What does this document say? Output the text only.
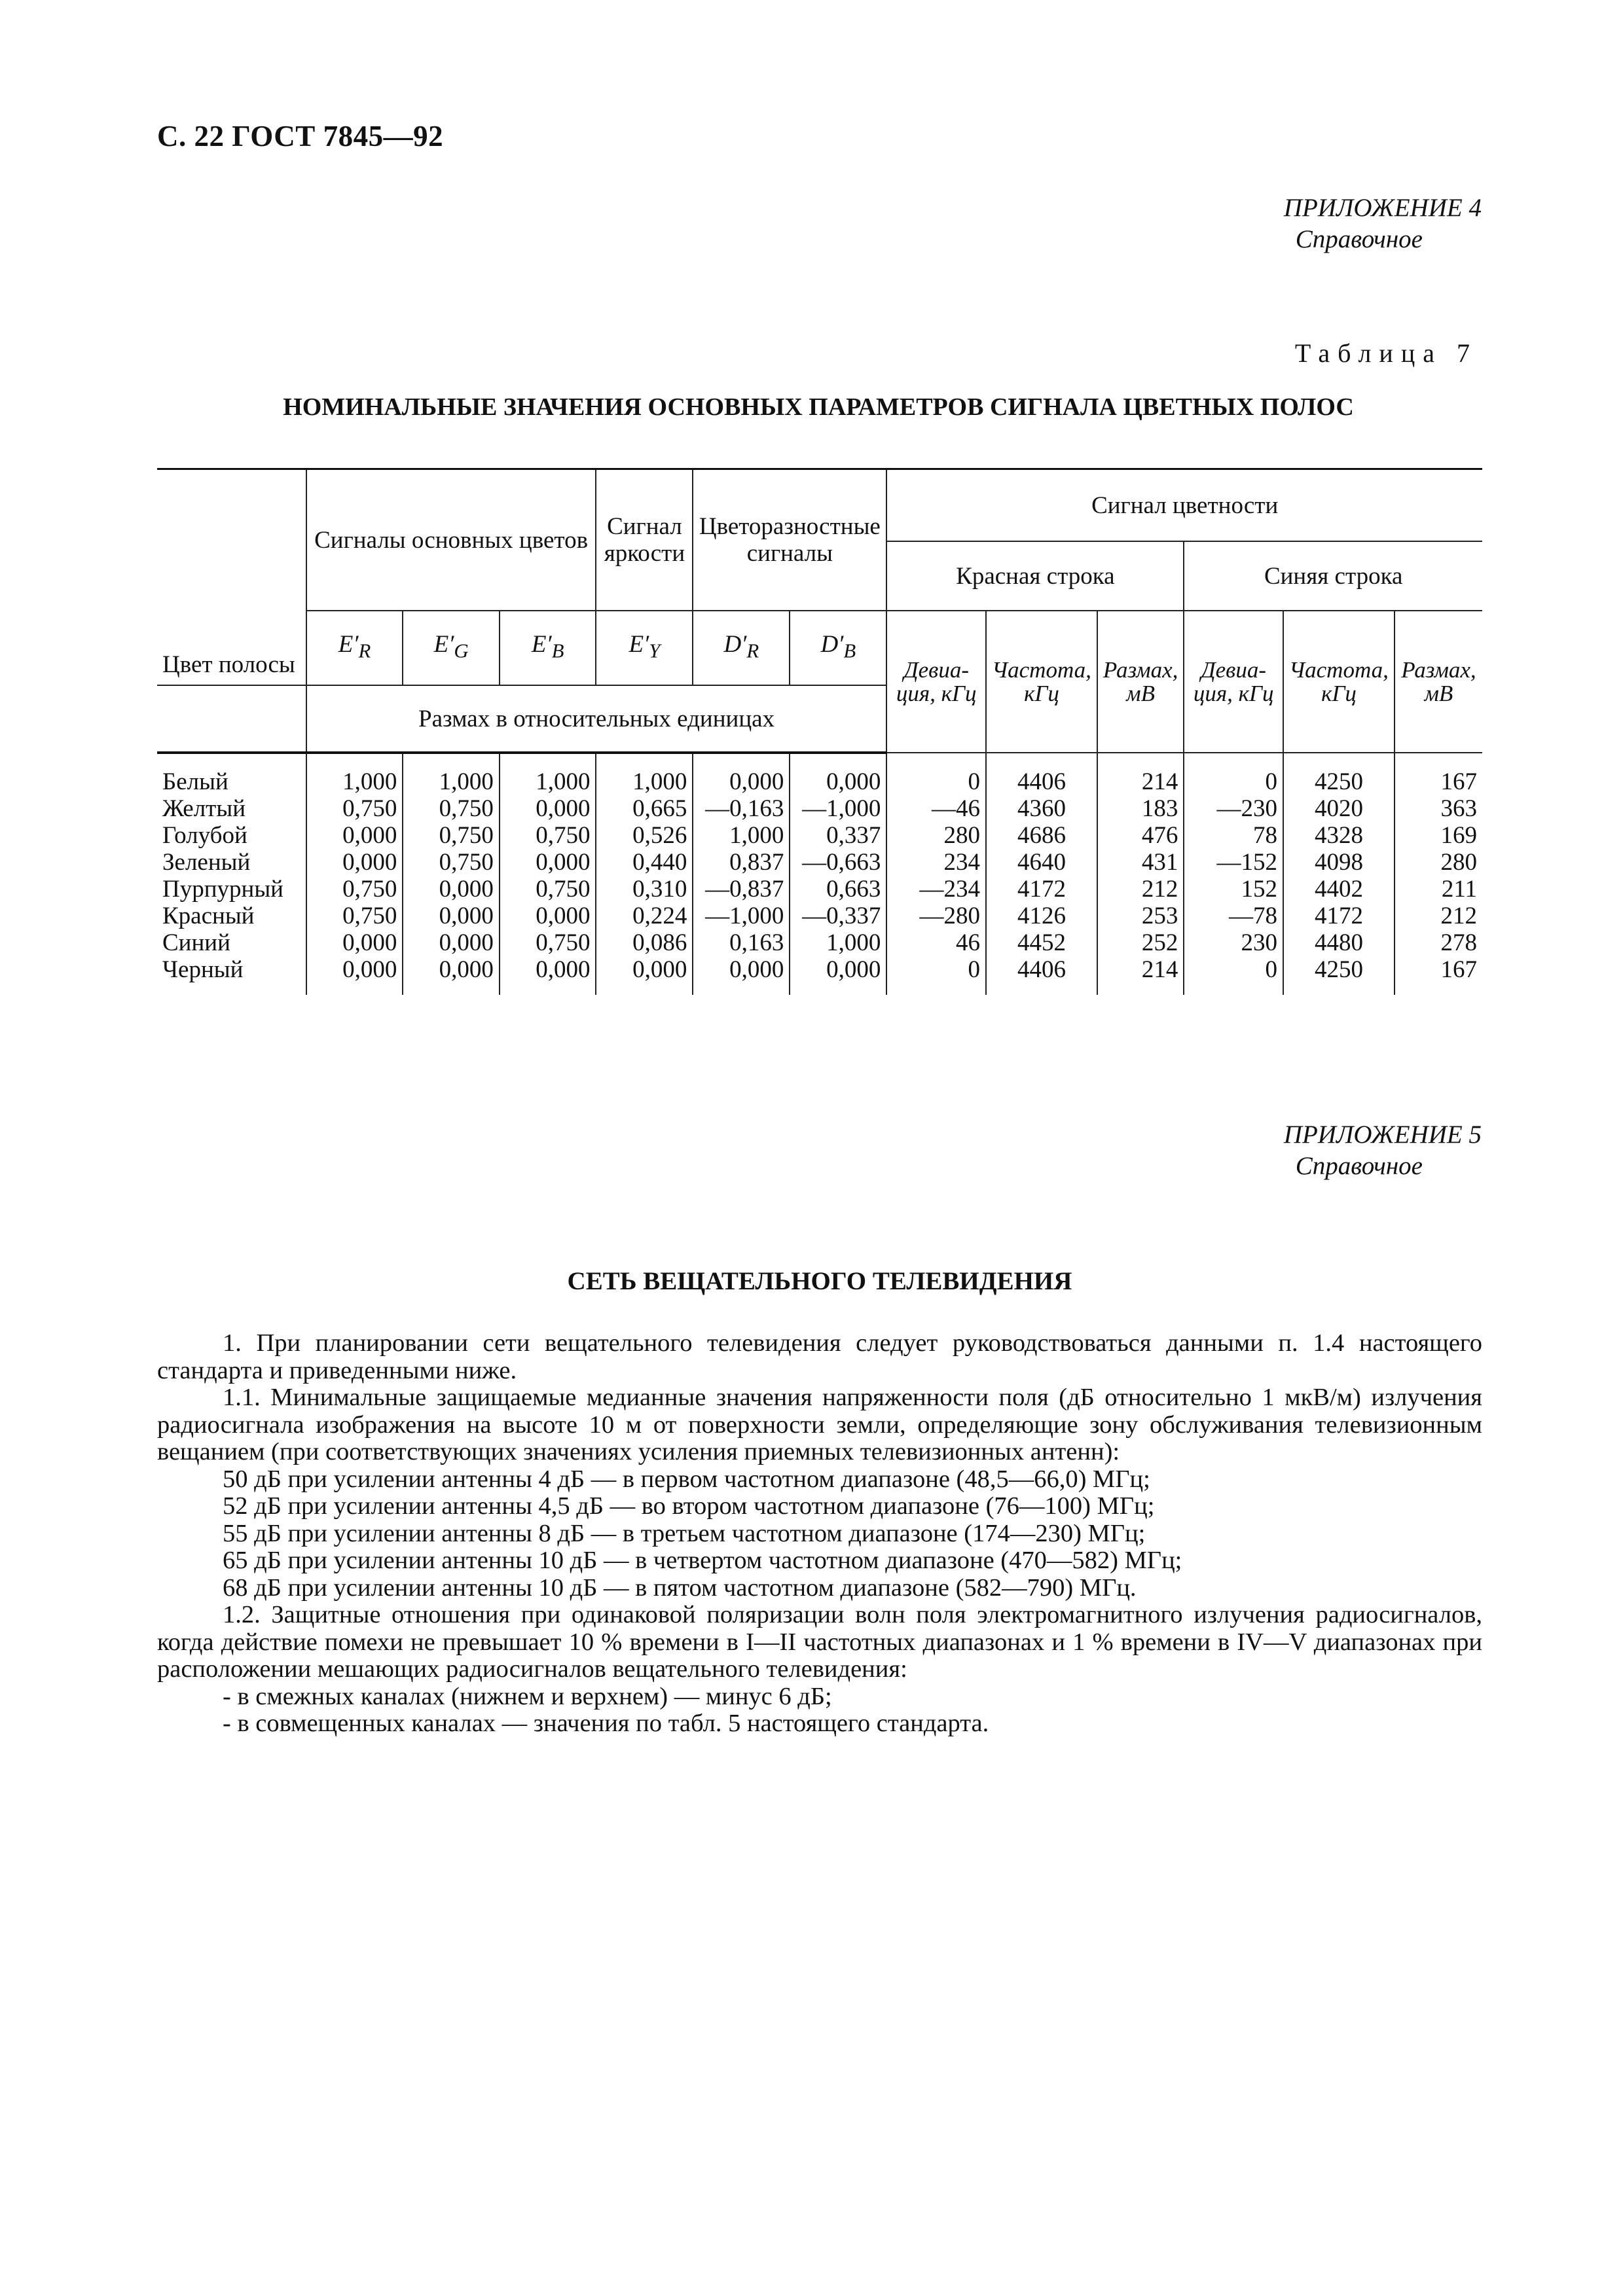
С. 22 ГОСТ 7845—92
ПРИЛОЖЕНИЕ 4
Справочное
Таблица 7
НОМИНАЛЬНЫЕ ЗНАЧЕНИЯ ОСНОВНЫХ ПАРАМЕТРОВ СИГНАЛА ЦВЕТНЫХ ПОЛОС
Цвет полосы	Сигналы основных цветов			Сигнал яркости	Цветоразностные сигналы		Сигнал цветности					
							Красная строка			Синяя строка		
	$E'_R$	$E'_G$	$E'_B$	$E'_Y$	$D'_R$	$D'_B$	Девиа- ция, кГц	Частота, кГц	Размах, мВ	Девиа- ция, кГц	Частота, кГц	Размах, мВ
	Размах в относительных единицах											
Белый	1,000	1,000	1,000	1,000	0,000	0,000	0	4406	214	0	4250	167
Желтый	0,750	0,750	0,000	0,665	—0,163	—1,000	—46	4360	183	—230	4020	363
Голубой	0,000	0,750	0,750	0,526	1,000	0,337	280	4686	476	78	4328	169
Зеленый	0,000	0,750	0,000	0,440	0,837	—0,663	234	4640	431	—152	4098	280
Пурпурный	0,750	0,000	0,750	0,310	—0,837	0,663	—234	4172	212	152	4402	211
Красный	0,750	0,000	0,000	0,224	—1,000	—0,337	—280	4126	253	—78	4172	212
Синий	0,000	0,000	0,750	0,086	0,163	1,000	46	4452	252	230	4480	278
Черный	0,000	0,000	0,000	0,000	0,000	0,000	0	4406	214	0	4250	167
ПРИЛОЖЕНИЕ 5
Справочное
СЕТЬ ВЕЩАТЕЛЬНОГО ТЕЛЕВИДЕНИЯ

1. При планировании сети вещательного телевидения следует руководствоваться данными п. 1.4 настоящего стандарта и приведенными ниже.

1.1. Минимальные защищаемые медианные значения напряженности поля (дБ относительно 1 мкВ/м) излучения радиосигнала изображения на высоте 10 м от поверхности земли, определяющие зону обслуживания телевизионным вещанием (при соответствующих значениях усиления приемных телевизионных антенн):

50 дБ при усилении антенны 4 дБ — в первом частотном диапазоне (48,5—66,0) МГц;

52 дБ при усилении антенны 4,5 дБ — во втором частотном диапазоне (76—100) МГц;

55 дБ при усилении антенны 8 дБ — в третьем частотном диапазоне (174—230) МГц;

65 дБ при усилении антенны 10 дБ — в четвертом частотном диапазоне (470—582) МГц;

68 дБ при усилении антенны 10 дБ — в пятом частотном диапазоне (582—790) МГц.

1.2. Защитные отношения при одинаковой поляризации волн поля электромагнитного излучения радиосигналов, когда действие помехи не превышает 10 % времени в I—II частотных диапазонах и 1 % времени в IV—V диапазонах при расположении мешающих радиосигналов вещательного телевидения:

- в смежных каналах (нижнем и верхнем) — минус 6 дБ;

- в совмещенных каналах — значения по табл. 5 настоящего стандарта.
